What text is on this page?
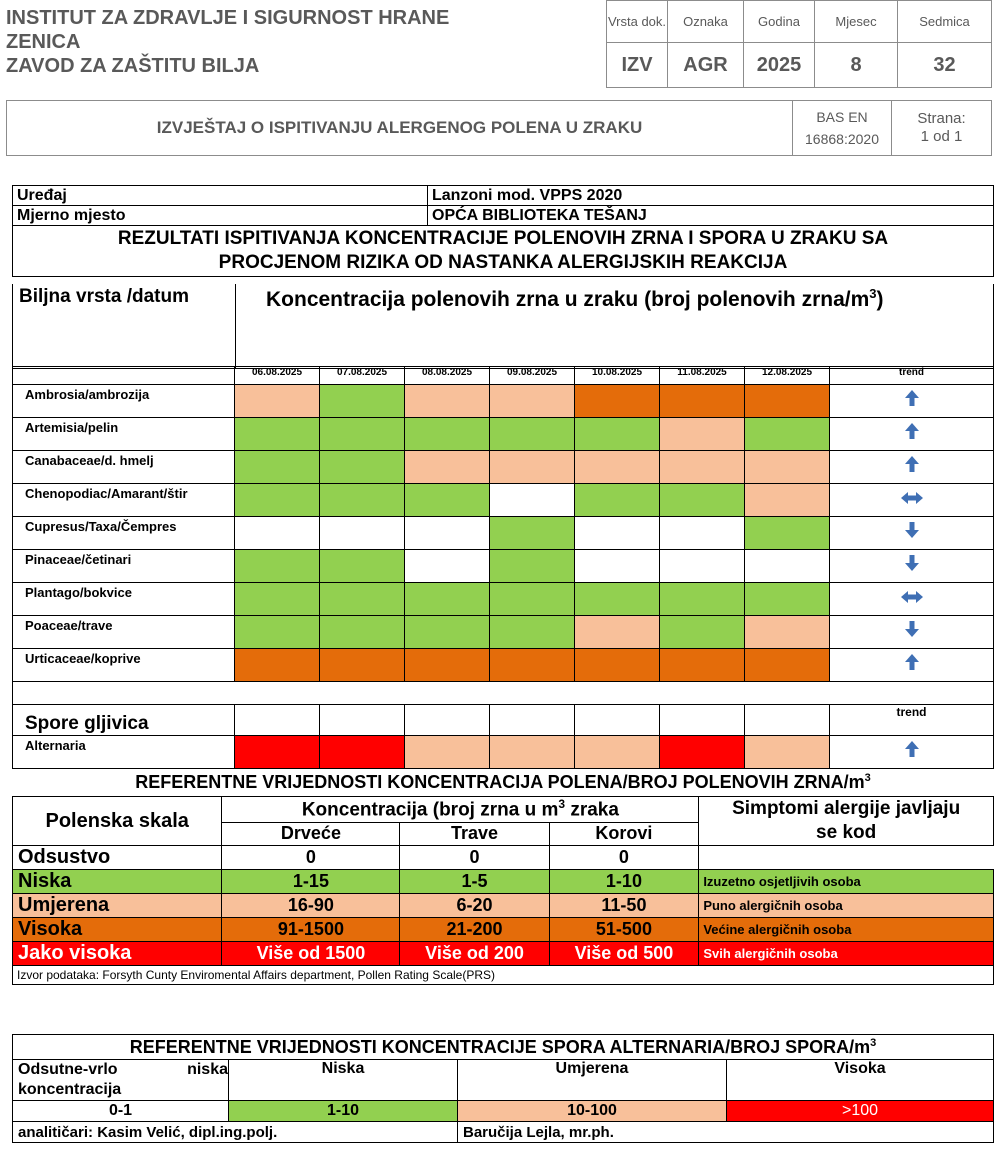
INSTITUT ZA ZDRAVLJE I SIGURNOST HRANE
ZENICA
ZAVOD ZA ZAŠTITU BILJA
Vrsta dok.	Oznaka	Godina	Mjesec	Sedmica
IZV	AGR	2025	8	32
IZVJEŠTAJ O ISPITIVANJU ALERGENOG POLENA U ZRAKU	BAS EN
16868:2020	Strana:
1 od 1
Uređaj	Lanzoni mod. VPPS 2020
Mjerno mjesto	OPĆA BIBLIOTEKA TEŠANJ
REZULTATI ISPITIVANJA KONCENTRACIJE POLENOVIH ZRNA I SPORA U ZRAKU SA
PROCJENOM RIZIKA OD NASTANKA ALERGIJSKIH REAKCIJA	
Biljna vrsta /datum	Koncentracija polenovih zrna u zraku (broj polenovih zrna/$m^3$)
	06.08.2025	07.08.2025	08.08.2025	09.08.2025	10.08.2025	11.08.2025	12.08.2025	trend
Ambrosia/ambrozija								
Artemisia/pelin								
Canabaceae/d. hmelj								
Chenopodiac/Amarant/štir								
Cupresus/Taxa/Čempres								
Pinaceae/četinari								
Plantago/bokvice								
Poaceae/trave								
Urticaceae/koprive								

Spore gljivica								trend
Alternaria								
REFERENTNE VRIJEDNOSTI KONCENTRACIJA POLENA/BROJ POLENOVIH ZRNA/$m^3$
Polenska skala	Koncentracija (broj zrna u $m^3$ zraka			Simptomi alergije javljaju se kod
	Drveće	Trave	Korovi	
Odsustvo	0	0	0	
Niska	1-15	1-5	1-10	Izuzetno osjetljivih osoba
Umjerena	16-90	6-20	11-50	Puno alergičnih osoba
Visoka	91-1500	21-200	51-500	Većine alergičnih osoba
Jako visoka	Više od 1500	Više od 200	Više od 500	Svih alergičnih osoba
Izvor podataka: Forsyth Cunty Enviromental Affairs department, Pollen Rating Scale(PRS)				
REFERENTNE VRIJEDNOSTI KONCENTRACIJE SPORA ALTERNARIA/BROJ SPORA/$m^3$
Odsutne-vrlo niska koncentracija	Niska	Umjerena	Visoka
0-1	1-10	10-100	>100
analitičari: Kasim Velić, dipl.ing.polj.		Baručija Lejla, mr.ph.	
